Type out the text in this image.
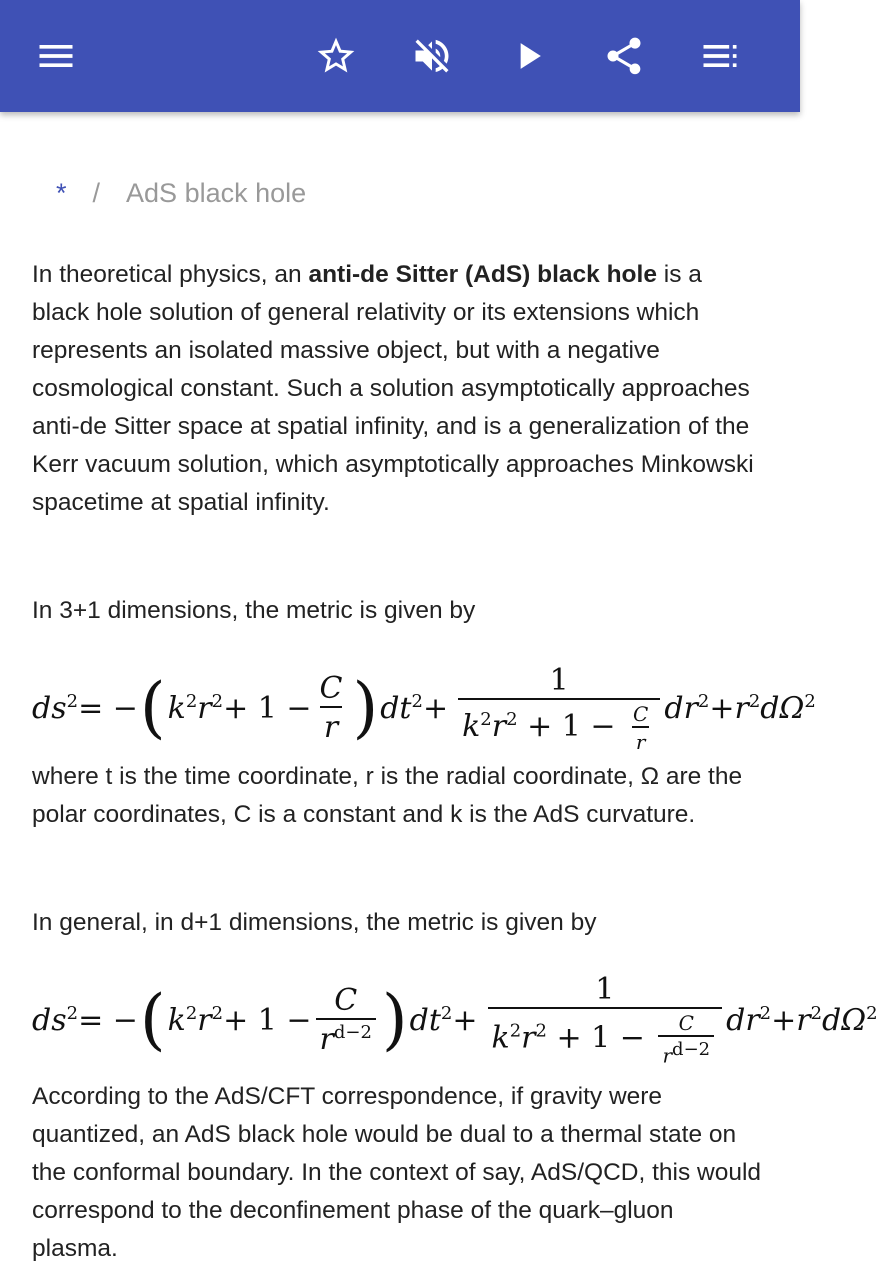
* / AdS black hole

In theoretical physics, an anti-de Sitter (AdS) black hole is a black hole solution of general relativity or its extensions which represents an isolated massive object, but with a negative cosmological constant. Such a solution asymptotically approaches anti-de Sitter space at spatial infinity, and is a generalization of the Kerr vacuum solution, which asymptotically approaches Minkowski spacetime at spatial infinity.

In 3+1 dimensions, the metric is given by

$ds^2$ = − ( $k^2r^2 + 1 - \frac{C}{r}$ ) $dt^2 + \frac{1}{k^2r^2 + 1 - \frac{C}{r}} dr^2 + r^2d\Omega^2$

where t is the time coordinate, r is the radial coordinate, Ω are the polar coordinates, C is a constant and k is the AdS curvature.

In general, in d+1 dimensions, the metric is given by

$ds^2$ = − ( $k^2r^2 + 1 - \frac{C}{r^{d-2}}$ ) $dt^2 + \frac{1}{k^2r^2 + 1 - \frac{C}{rd-2}} dr^2 + r^2d\Omega^2$

According to the AdS/CFT correspondence, if gravity were quantized, an AdS black hole would be dual to a thermal state on the conformal boundary. In the context of say, AdS/QCD, this would correspond to the deconfinement phase of the quark–gluon plasma.
